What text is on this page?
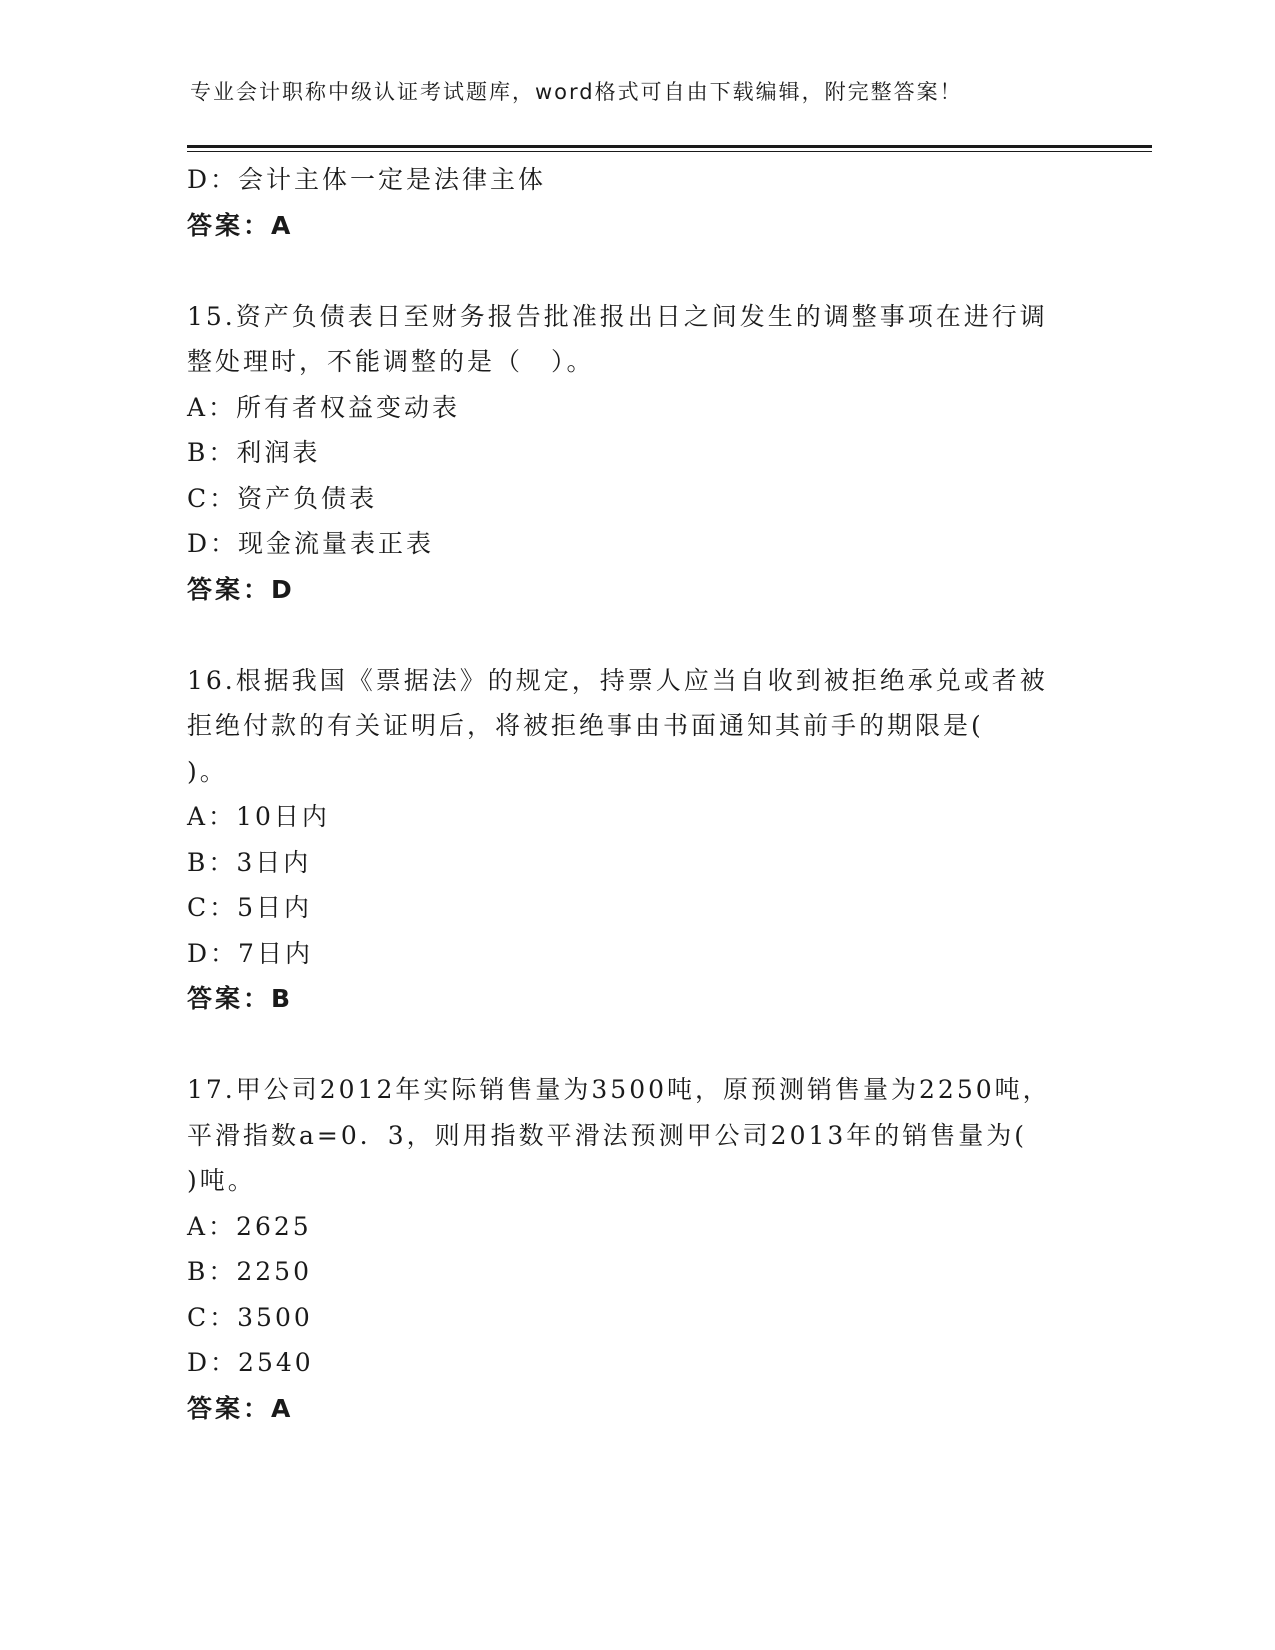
专业会计职称中级认证考试题库，word格式可自由下载编辑，附完整答案！
D：会计主体一定是法律主体
答案：A
15.资产负债表日至财务报告批准报出日之间发生的调整事项在进行调
整处理时，不能调整的是（　）。
A：所有者权益变动表
B：利润表
C：资产负债表
D：现金流量表正表
答案：D
16.根据我国《票据法》的规定，持票人应当自收到被拒绝承兑或者被
拒绝付款的有关证明后，将被拒绝事由书面通知其前手的期限是(
)。
A：10日内
B：3日内
C：5日内
D：7日内
答案：B
17.甲公司2012年实际销售量为3500吨，原预测销售量为2250吨，
平滑指数a=0．3，则用指数平滑法预测甲公司2013年的销售量为(
)吨。
A：2625
B：2250
C：3500
D：2540
答案：A
